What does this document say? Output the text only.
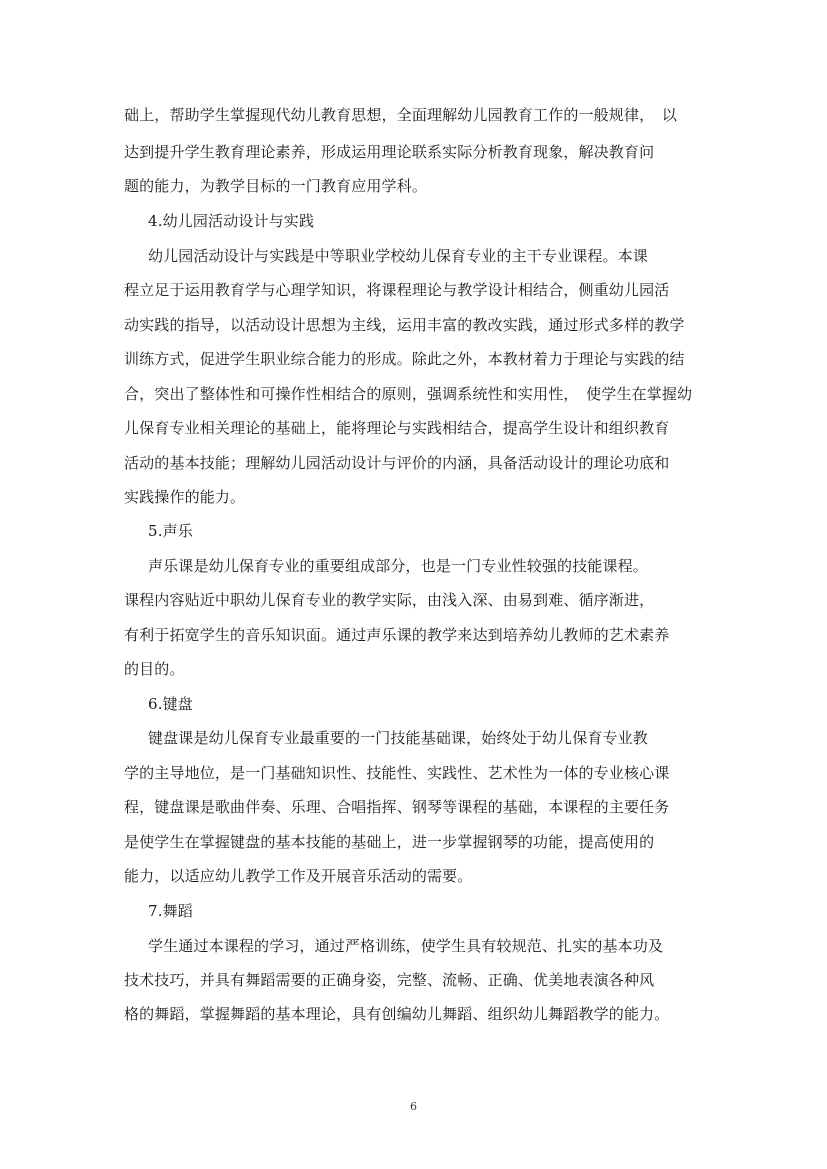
础上，帮助学生掌握现代幼儿教育思想，全面理解幼儿园教育工作的一般规律，　以
达到提升学生教育理论素养，形成运用理论联系实际分析教育现象，解决教育问
题的能力，为教学目标的一门教育应用学科。
4.幼儿园活动设计与实践
幼儿园活动设计与实践是中等职业学校幼儿保育专业的主干专业课程。本课
程立足于运用教育学与心理学知识，将课程理论与教学设计相结合，侧重幼儿园活
动实践的指导，以活动设计思想为主线，运用丰富的教改实践，通过形式多样的教学
训练方式，促进学生职业综合能力的形成。除此之外，本教材着力于理论与实践的结
合，突出了整体性和可操作性相结合的原则，强调系统性和实用性，　使学生在掌握幼
儿保育专业相关理论的基础上，能将理论与实践相结合，提高学生设计和组织教育
活动的基本技能；理解幼儿园活动设计与评价的内涵，具备活动设计的理论功底和
实践操作的能力。
5.声乐
声乐课是幼儿保育专业的重要组成部分，也是一门专业性较强的技能课程。
课程内容贴近中职幼儿保育专业的教学实际，由浅入深、由易到难、循序渐进，
有利于拓宽学生的音乐知识面。通过声乐课的教学来达到培养幼儿教师的艺术素养
的目的。
6.键盘
键盘课是幼儿保育专业最重要的一门技能基础课，始终处于幼儿保育专业教
学的主导地位，是一门基础知识性、技能性、实践性、艺术性为一体的专业核心课
程，键盘课是歌曲伴奏、乐理、合唱指挥、钢琴等课程的基础，本课程的主要任务
是使学生在掌握键盘的基本技能的基础上，进一步掌握钢琴的功能，提高使用的
能力，以适应幼儿教学工作及开展音乐活动的需要。
7.舞蹈
学生通过本课程的学习，通过严格训练，使学生具有较规范、扎实的基本功及
技术技巧，并具有舞蹈需要的正确身姿，完整、流畅、正确、优美地表演各种风
格的舞蹈，掌握舞蹈的基本理论，具有创编幼儿舞蹈、组织幼儿舞蹈教学的能力。
6
